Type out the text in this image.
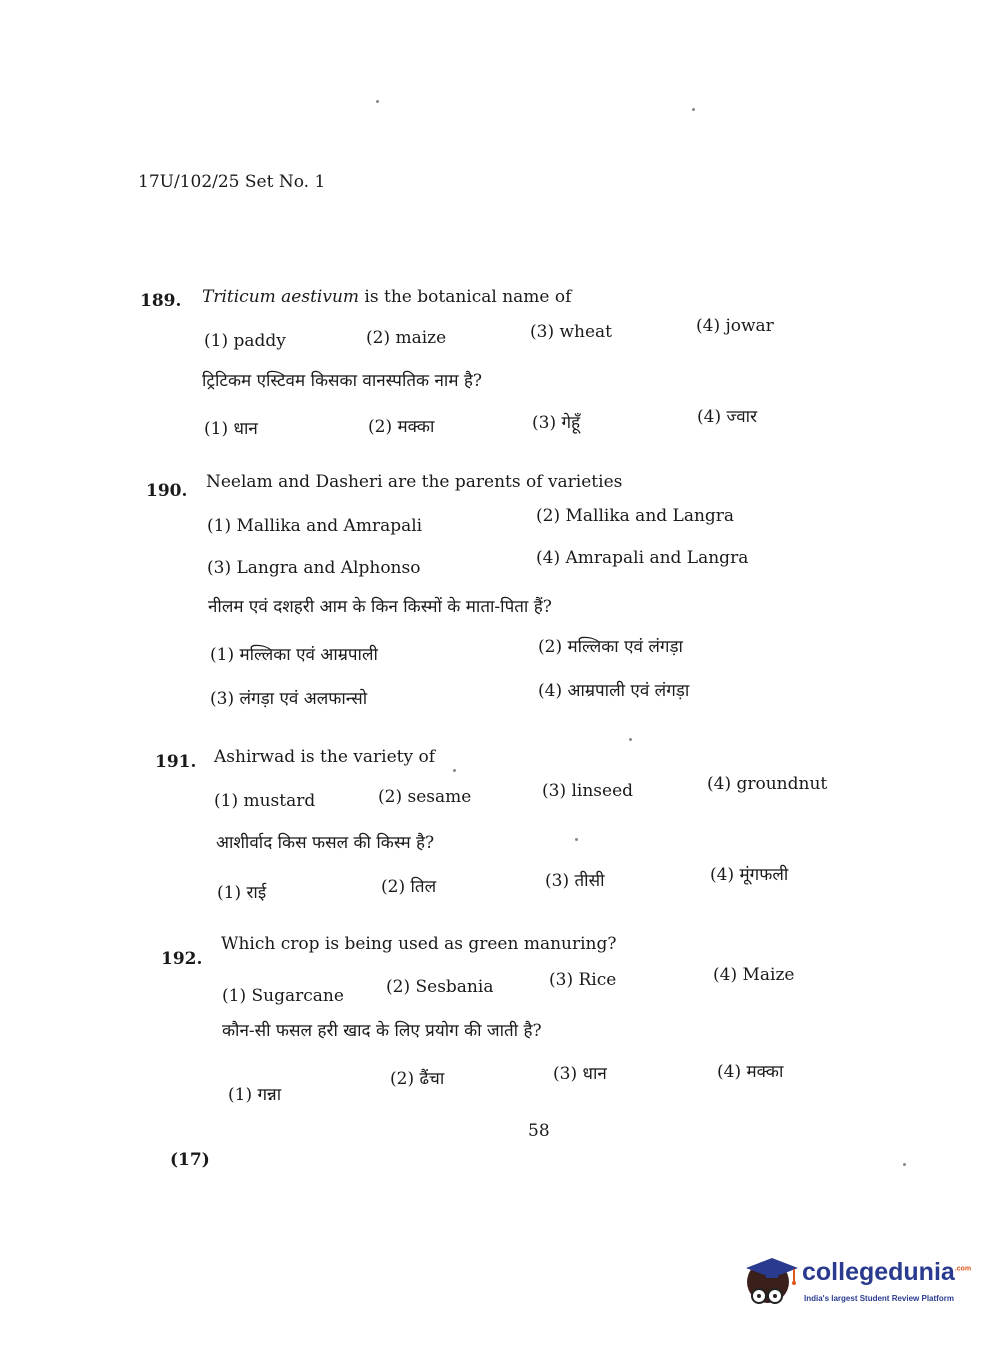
17U/102/25 Set No. 1
189. Triticum aestivum is the botanical name of
(1) paddy	(2) maize	(3) wheat	(4) jowar
ट्रिटिकम एस्टिवम किसका वानस्पतिक नाम है?
(1) धान	(2) मक्का	(3) गेहूँ	(4) ज्वार
190. Neelam and Dasheri are the parents of varieties
(1) Mallika and Amrapali	(2) Mallika and Langra
(3) Langra and Alphonso	(4) Amrapali and Langra
नीलम एवं दशहरी आम के किन किस्मों के माता-पिता हैं?
(1) मल्लिका एवं आम्रपाली	(2) मल्लिका एवं लंगड़ा
(3) लंगड़ा एवं अलफान्सो	(4) आम्रपाली एवं लंगड़ा
191. Ashirwad is the variety of
(1) mustard	(2) sesame	(3) linseed	(4) groundnut
आशीर्वाद किस फसल की किस्म है?
(1) राई	(2) तिल	(3) तीसी	(4) मूंगफली
192.
Which crop is being used as green manuring?
(1) Sugarcane (2) Sesbania	(3) Rice	(4) Maize
कौन-सी फसल हरी खाद के लिए प्रयोग की जाती है?
(1) गन्ना
(2) ढैंचा	(3) धान	(4) मक्का
58
(17)
collegedunia$^{.com}$
India's largest Student Review Platform
